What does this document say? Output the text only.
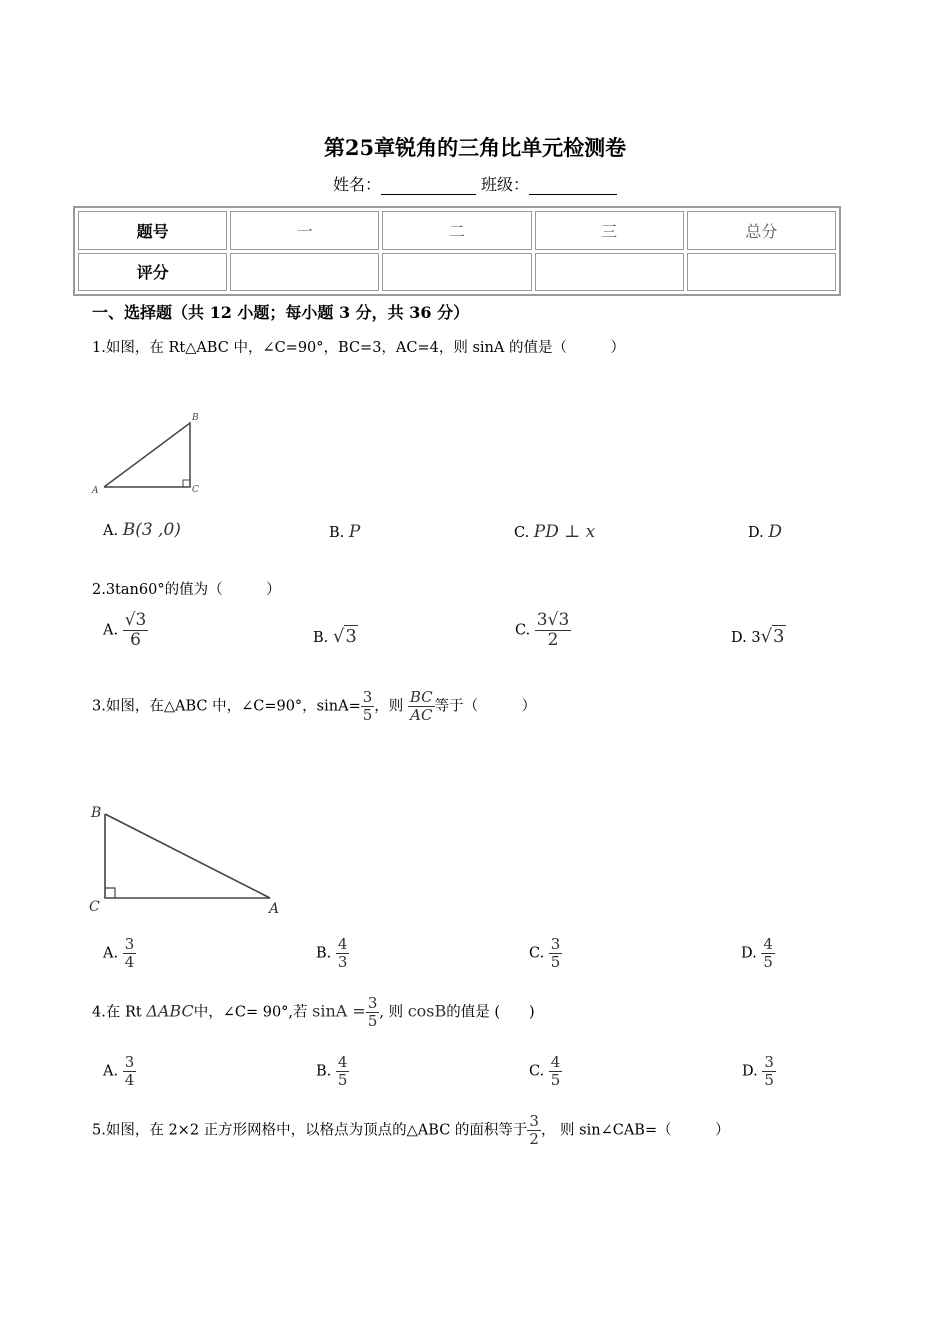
第25章锐角的三角比单元检测卷
姓名：	班级：
题号	一	二	三	总分
评分				
一、选择题（共 12 小题；每小题 3 分，共 36 分）
1.如图，在 Rt△ABC 中，∠C=90°，BC=3，AC=4，则 sinA 的值是（　　　）
A
B
C
A. B(3 ,0)	B. P	C. PD ⊥ x	D. D
2.3tan60°的值为（　　　）
A. $\frac{√3}{6}$	B. √3	C. $\frac{3√3}{2}$	D. 3√3
3.如图，在△ABC 中，∠C=90°，$\sin A= \frac{3}{5}$ ，则 $\frac{BC}{AC}$ 等于（　　　）
B
C	A
A. $\frac{3}{4}$	B. $\frac{4}{3}$	C. $\frac{3}{5}$	D. $\frac{4}{5}$
4.在 Rt ΔABC中，∠C= 90°,若 $\sin A = \frac{3}{5}$ , 则 cosB的值是 (　　)
A. $\frac{3}{4}$	B. $\frac{4}{5}$	C. $\frac{4}{5}$	D. $\frac{3}{5}$
5.如图，在 2×2 正方形网格中，以格点为顶点的△ABC 的面积等于 $\frac{3}{2}$ ， 则 sin∠CAB=（　　　）
